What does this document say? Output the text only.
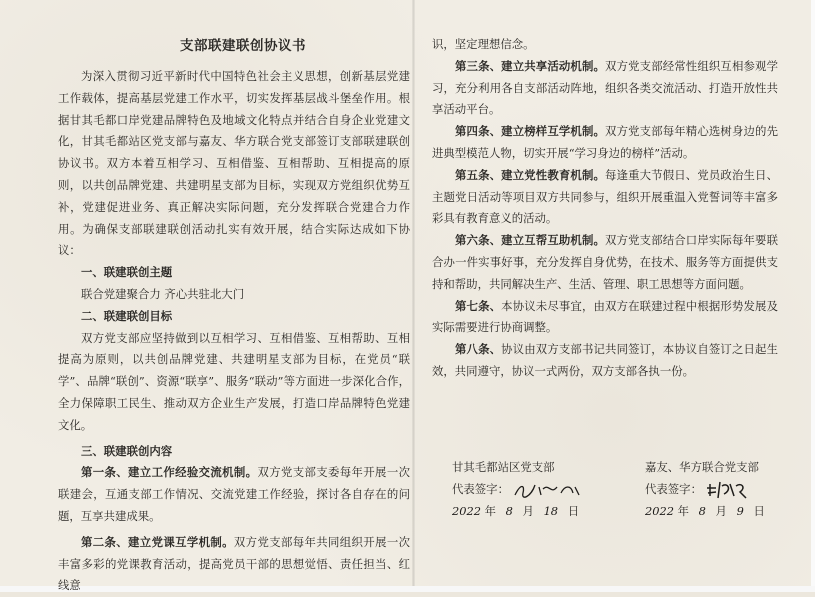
支部联建联创协议书

为深入贯彻习近平新时代中国特色社会主义思想，创新基层党建工作载体，提高基层党建工作水平，切实发挥基层战斗堡垒作用。根据甘其毛都口岸党建品牌特色及地域文化特点并结合自身企业党建文化，甘其毛都站区党支部与嘉友、华方联合党支部签订支部联建联创协议书。双方本着互相学习、互相借鉴、互相帮助、互相提高的原则，以共创品牌党建、共建明星支部为目标，实现双方党组织优势互补，党建促进业务、真正解决实际问题，充分发挥联合党建合力作用。为确保支部联建联创活动扎实有效开展，结合实际达成如下协议：

一、联建联创主题

联合党建聚合力 齐心共驻北大门

二、联建联创目标

双方党支部应坚持做到以互相学习、互相借鉴、互相帮助、互相提高为原则，以共创品牌党建、共建明星支部为目标，在党员“联学”、品牌“联创”、资源“联享”、服务“联动”等方面进一步深化合作，全力保障职工民生、推动双方企业生产发展，打造口岸品牌特色党建文化。

三、联建联创内容

第一条、建立工作经验交流机制。双方党支部支委每年开展一次联建会，互通支部工作情况、交流党建工作经验，探讨各自存在的问题，互享共建成果。

第二条、建立党课互学机制。双方党支部每年共同组织开展一次丰富多彩的党课教育活动，提高党员干部的思想觉悟、责任担当、红线意

识，坚定理想信念。

第三条、建立共享活动机制。双方党支部经常性组织互相参观学习，充分利用各自支部活动阵地，组织各类交流活动、打造开放性共享活动平台。

第四条、建立榜样互学机制。双方党支部每年精心选树身边的先进典型模范人物，切实开展“学习身边的榜样”活动。

第五条、建立党性教育机制。每逢重大节假日、党员政治生日、主题党日活动等项目双方共同参与，组织开展重温入党誓词等丰富多彩具有教育意义的活动。

第六条、建立互帮互助机制。双方党支部结合口岸实际每年要联合办一件实事好事，充分发挥自身优势，在技术、服务等方面提供支持和帮助，共同解决生产、生活、管理、职工思想等方面问题。

第七条、本协议未尽事宜，由双方在联建过程中根据形势发展及实际需要进行协商调整。

第八条、协议由双方支部书记共同签订，本协议自签订之日起生效，共同遵守，协议一式两份，双方支部各执一份。

甘其毛都站区党支部
代表签字：
2022 年 8 月 18 日
嘉友、华方联合党支部
代表签字：
2022 年 8 月 9 日
